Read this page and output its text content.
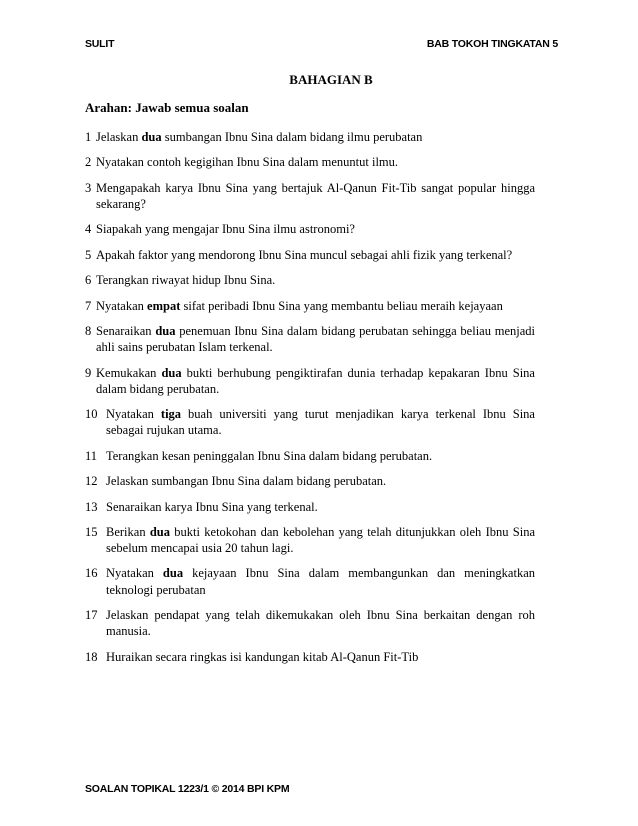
SULIT	BAB TOKOH TINGKATAN 5
BAHAGIAN B
Arahan: Jawab semua soalan
1 Jelaskan dua sumbangan Ibnu Sina dalam bidang ilmu perubatan
2 Nyatakan contoh kegigihan Ibnu Sina dalam menuntut ilmu.
3 Mengapakah karya Ibnu Sina yang bertajuk Al-Qanun Fit-Tib sangat popular hingga sekarang?
4 Siapakah yang mengajar Ibnu Sina ilmu astronomi?
5 Apakah faktor yang mendorong Ibnu Sina muncul sebagai ahli fizik yang terkenal?
6 Terangkan riwayat hidup Ibnu Sina.
7 Nyatakan empat sifat peribadi Ibnu Sina yang membantu beliau meraih kejayaan
8 Senaraikan dua penemuan Ibnu Sina dalam bidang perubatan sehingga beliau menjadi ahli sains perubatan Islam terkenal.
9 Kemukakan dua bukti berhubung pengiktirafan dunia terhadap kepakaran Ibnu Sina dalam bidang perubatan.
10 Nyatakan tiga buah universiti yang turut menjadikan karya terkenal Ibnu Sina sebagai rujukan utama.
11 Terangkan kesan peninggalan Ibnu Sina dalam bidang perubatan.
12 Jelaskan sumbangan Ibnu Sina dalam bidang perubatan.
13 Senaraikan karya Ibnu Sina yang terkenal.
15 Berikan dua bukti ketokohan dan kebolehan yang telah ditunjukkan oleh Ibnu Sina sebelum mencapai usia 20 tahun lagi.
16 Nyatakan dua kejayaan Ibnu Sina dalam membangunkan dan meningkatkan teknologi perubatan
17 Jelaskan pendapat yang telah dikemukakan oleh Ibnu Sina berkaitan dengan roh manusia.
18 Huraikan secara ringkas isi kandungan kitab Al-Qanun Fit-Tib
SOALAN TOPIKAL 1223/1 © 2014 BPI KPM
